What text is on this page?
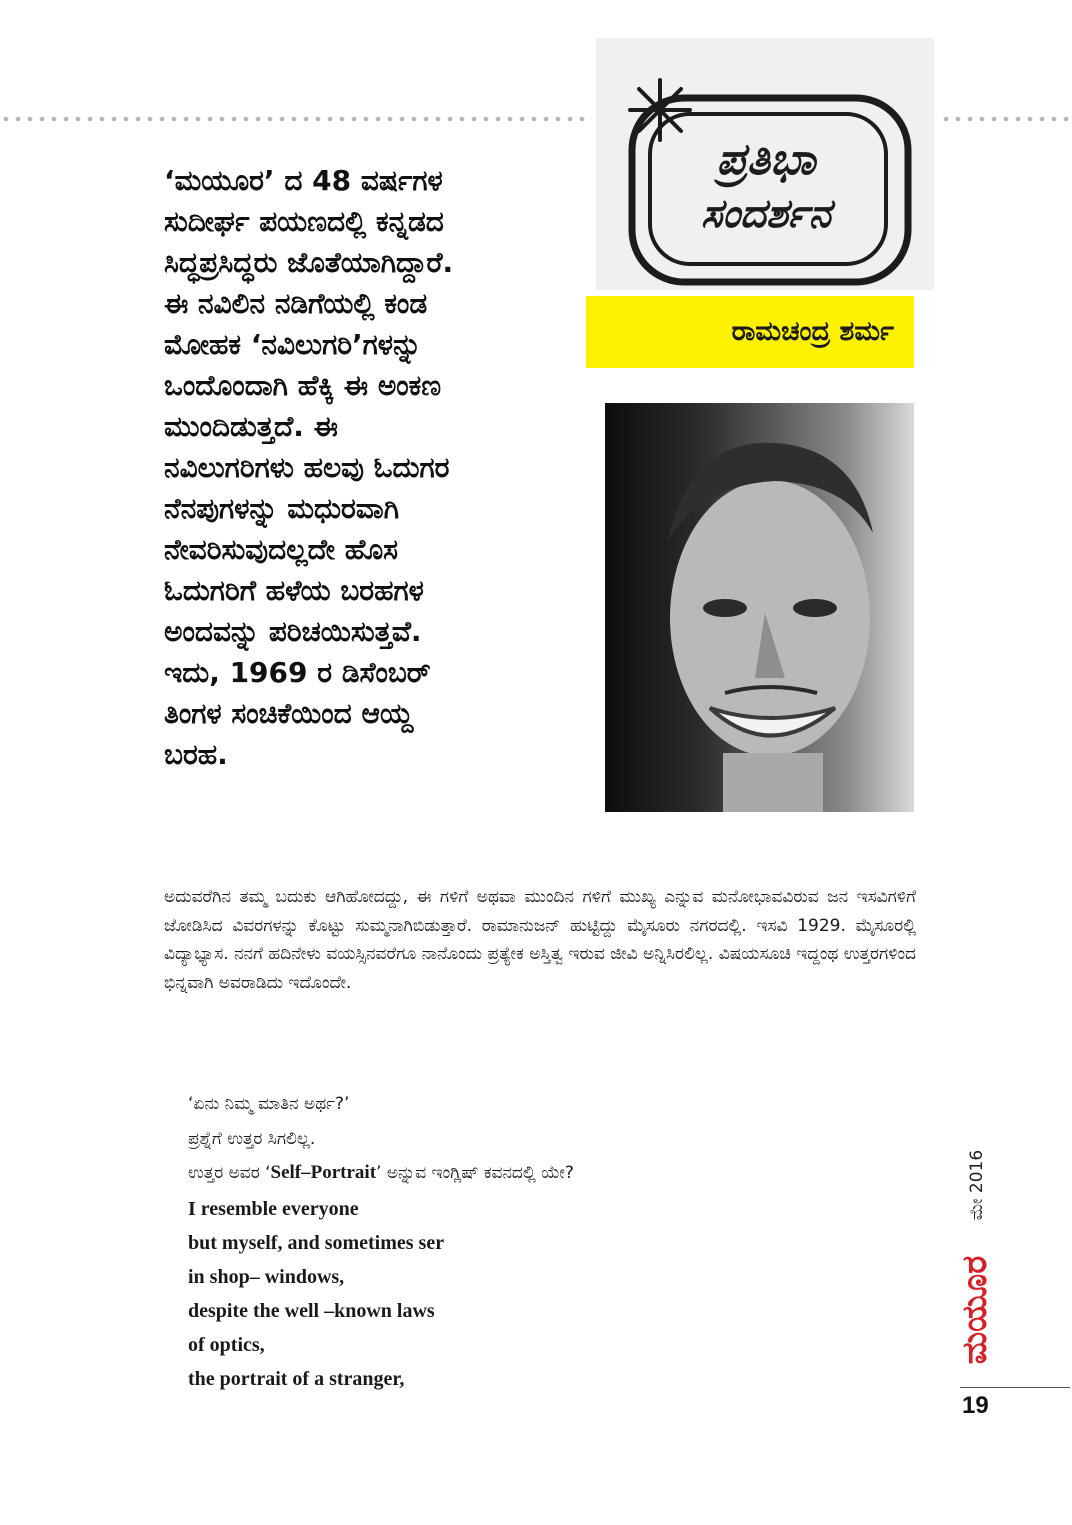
ಪ್ರತಿಭಾ
ಸಂದರ್ಶನ
ರಾಮಚಂದ್ರ ಶರ್ಮ
‘ಮಯೂರ’ ದ 48 ವರ್ಷಗಳ
ಸುದೀರ್ಘ ಪಯಣದಲ್ಲಿ ಕನ್ನಡದ
ಸಿದ್ಧಪ್ರಸಿದ್ಧರು ಜೊತೆಯಾಗಿದ್ದಾರೆ.
ಈ ನವಿಲಿನ ನಡಿಗೆಯಲ್ಲಿ ಕಂಡ
ಮೋಹಕ ‘ನವಿಲುಗರಿ’ಗಳನ್ನು
ಒಂದೊಂದಾಗಿ ಹೆಕ್ಕಿ ಈ ಅಂಕಣ
ಮುಂದಿಡುತ್ತದೆ. ಈ
ನವಿಲುಗರಿಗಳು ಹಲವು ಓದುಗರ
ನೆನಪುಗಳನ್ನು ಮಧುರವಾಗಿ
ನೇವರಿಸುವುದಲ್ಲದೇ ಹೊಸ
ಓದುಗರಿಗೆ ಹಳೆಯ ಬರಹಗಳ
ಅಂದವನ್ನು ಪರಿಚಯಿಸುತ್ತವೆ.
ಇದು, 1969 ರ ಡಿಸೆಂಬರ್
ತಿಂಗಳ ಸಂಚಿಕೆಯಿಂದ ಆಯ್ದ
ಬರಹ.

ಅದುವರೆಗಿನ ತಮ್ಮ ಬದುಕು ಆಗಿಹೋದದ್ದು, ಈ ಗಳಿಗೆ ಅಥವಾ ಮುಂದಿನ ಗಳಿಗೆ ಮುಖ್ಯ ಎನ್ನುವ ಮನೋಭಾವವಿರುವ ಜನ ಇಸವಿಗಳಿಗೆ ಜೋಡಿಸಿದ ವಿವರಗಳನ್ನು ಕೊಟ್ಟು ಸುಮ್ಮನಾಗಿಬಿಡುತ್ತಾರೆ. ರಾಮಾನುಜನ್ ಹುಟ್ಟಿದ್ದು ಮೈಸೂರು ನಗರದಲ್ಲಿ. ಇಸವಿ 1929. ಮೈಸೂರಲ್ಲಿ ವಿದ್ಯಾಭ್ಯಾಸ. ನನಗೆ ಹದಿನೇಳು ವಯಸ್ಸಿನವರೆಗೂ ನಾನೊಂದು ಪ್ರತ್ಯೇಕ ಅಸ್ತಿತ್ವ ಇರುವ ಜೀವಿ ಅನ್ನಿಸಿರಲಿಲ್ಲ. ವಿಷಯಸೂಚಿ ಇದ್ದಂಥ ಉತ್ತರಗಳಿಂದ ಭಿನ್ನವಾಗಿ ಅವರಾಡಿದು ಇದೊಂದೇ.

‘ಏನು ನಿಮ್ಮ ಮಾತಿನ ಅರ್ಥ?’
ಪ್ರಶ್ನೆಗೆ ಉತ್ತರ ಸಿಗಲಿಲ್ಲ.
ಉತ್ತರ ಅವರ ‘Self–Portrait’ ಅನ್ನುವ ಇಂಗ್ಲಿಷ್ ಕವನದಲ್ಲಿ ಯೇ?
I resemble everyone
but myself, and sometimes ser
in shop– windows,
despite the well –known laws
of optics,
the portrait of a stranger,
ಮೇ 2016
ಮಯೂರ
19
